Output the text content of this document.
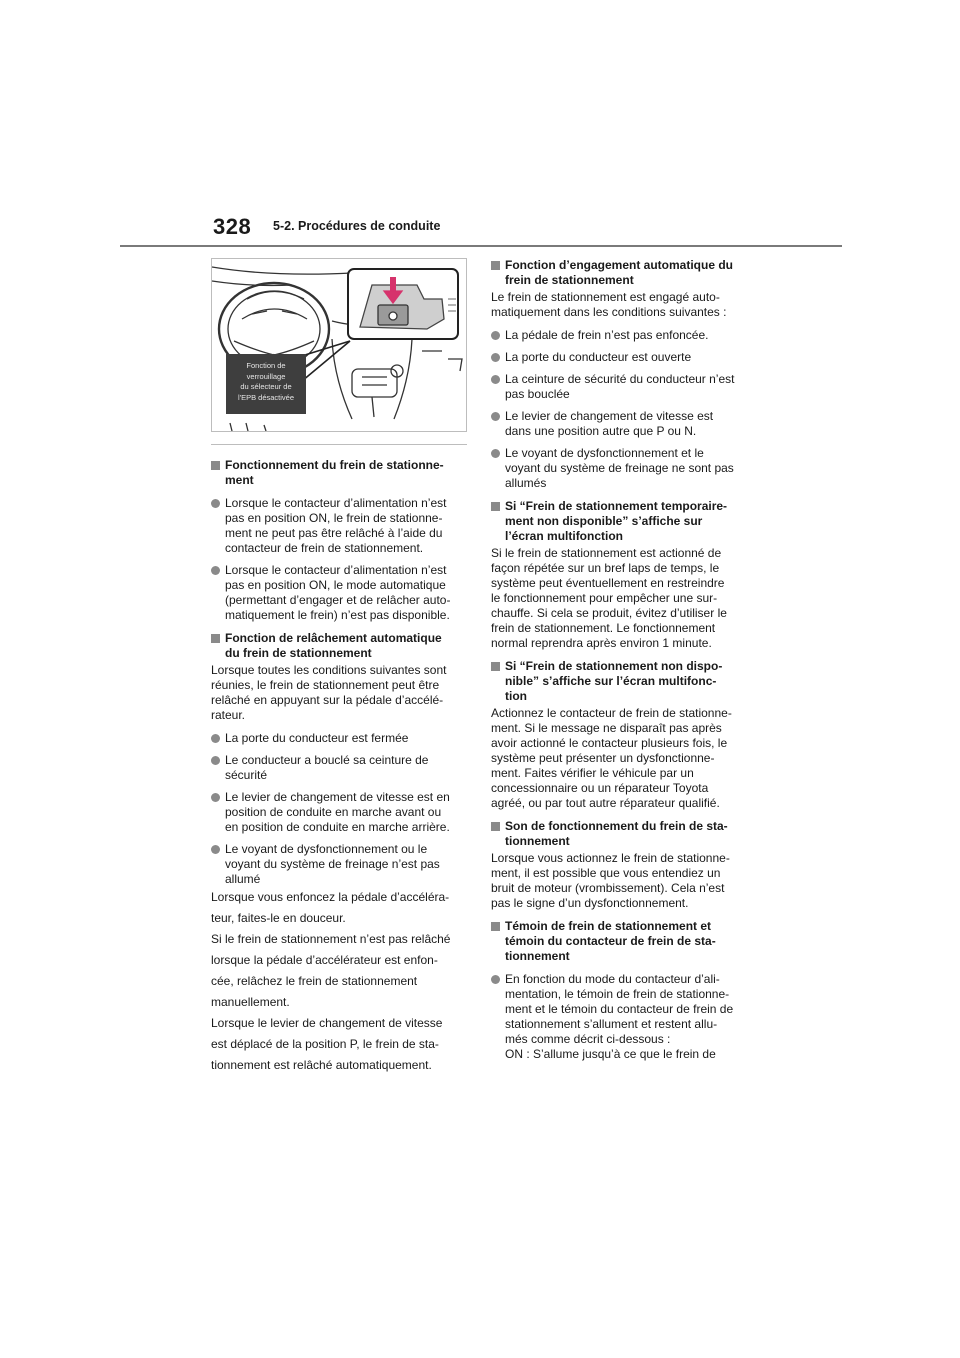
328 5-2. Procédures de conduite
Fonction de
verrouillage
du sélecteur de
l'EPB désactivée
Fonctionnement du frein de stationne-
ment
Lorsque le contacteur d’alimentation n’est
pas en position ON, le frein de stationne-
ment ne peut pas être relâché à l’aide du
contacteur de frein de stationnement.
Lorsque le contacteur d’alimentation n’est
pas en position ON, le mode automatique
(permettant d’engager et de relâcher auto-
matiquement le frein) n’est pas disponible.
Fonction de relâchement automatique
du frein de stationnement
Lorsque toutes les conditions suivantes sont
réunies, le frein de stationnement peut être
relâché en appuyant sur la pédale d’accélé-
rateur.
La porte du conducteur est fermée
Le conducteur a bouclé sa ceinture de
sécurité
Le levier de changement de vitesse est en
position de conduite en marche avant ou
en position de conduite en marche arrière.
Le voyant de dysfonctionnement ou le
voyant du système de freinage n’est pas
allumé
Lorsque vous enfoncez la pédale d’accéléra-
teur, faites-le en douceur.
Si le frein de stationnement n’est pas relâché
lorsque la pédale d’accélérateur est enfon-
cée, relâchez le frein de stationnement
manuellement.
Lorsque le levier de changement de vitesse
est déplacé de la position P, le frein de sta-
tionnement est relâché automatiquement.
Fonction d’engagement automatique du
frein de stationnement
Le frein de stationnement est engagé auto-
matiquement dans les conditions suivantes :
La pédale de frein n’est pas enfoncée.
La porte du conducteur est ouverte
La ceinture de sécurité du conducteur n’est
pas bouclée
Le levier de changement de vitesse est
dans une position autre que P ou N.
Le voyant de dysfonctionnement et le
voyant du système de freinage ne sont pas
allumés
Si “Frein de stationnement temporaire-
ment non disponible” s’affiche sur
l’écran multifonction
Si le frein de stationnement est actionné de
façon répétée sur un bref laps de temps, le
système peut éventuellement en restreindre
le fonctionnement pour empêcher une sur-
chauffe. Si cela se produit, évitez d’utiliser le
frein de stationnement. Le fonctionnement
normal reprendra après environ 1 minute.
Si “Frein de stationnement non dispo-
nible” s’affiche sur l’écran multifonc-
tion
Actionnez le contacteur de frein de stationne-
ment. Si le message ne disparaît pas après
avoir actionné le contacteur plusieurs fois, le
système peut présenter un dysfonctionne-
ment. Faites vérifier le véhicule par un
concessionnaire ou un réparateur Toyota
agréé, ou par tout autre réparateur qualifié.
Son de fonctionnement du frein de sta-
tionnement
Lorsque vous actionnez le frein de stationne-
ment, il est possible que vous entendiez un
bruit de moteur (vrombissement). Cela n’est
pas le signe d’un dysfonctionnement.
Témoin de frein de stationnement et
témoin du contacteur de frein de sta-
tionnement
En fonction du mode du contacteur d’ali-
mentation, le témoin de frein de stationne-
ment et le témoin du contacteur de frein de
stationnement s’allument et restent allu-
més comme décrit ci-dessous :
ON : S’allume jusqu’à ce que le frein de
